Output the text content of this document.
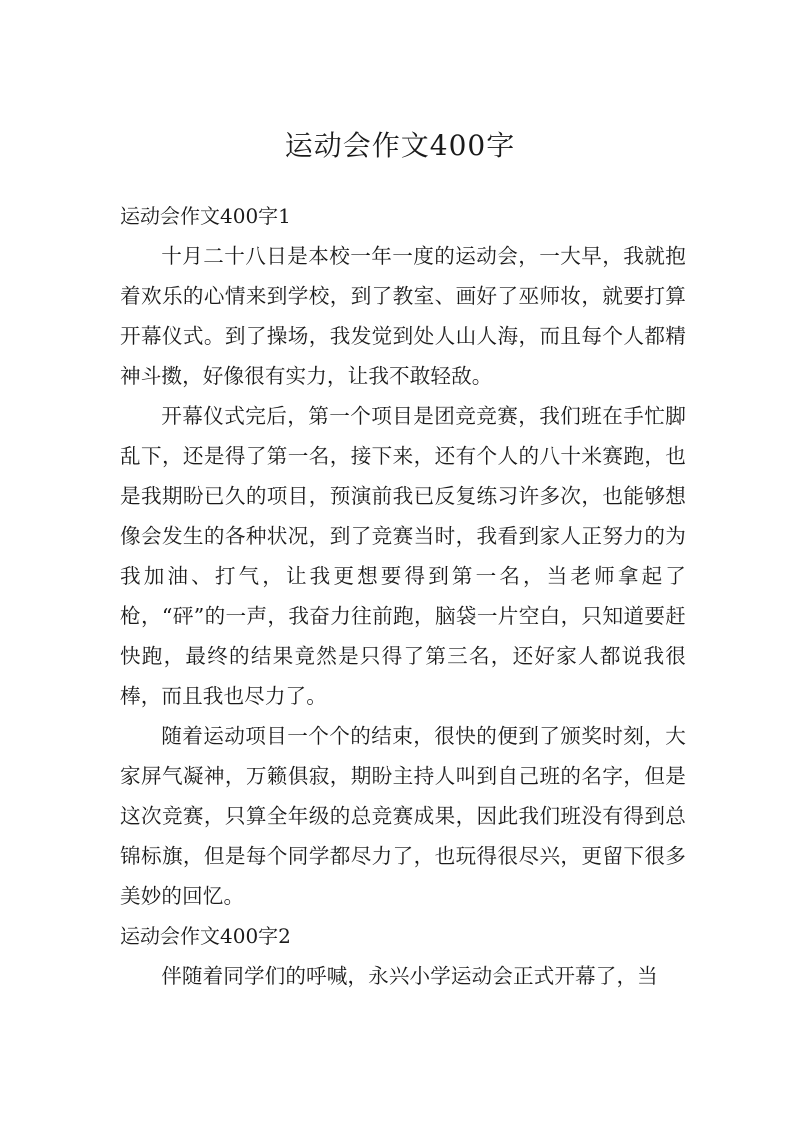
运动会作文400字
运动会作文400字1

十月二十八日是本校一年一度的运动会，一大早，我就抱着欢乐的心情来到学校，到了教室、画好了巫师妆，就要打算开幕仪式。到了操场，我发觉到处人山人海，而且每个人都精神斗擞，好像很有实力，让我不敢轻敌。

开幕仪式完后，第一个项目是团竞竞赛，我们班在手忙脚乱下，还是得了第一名，接下来，还有个人的八十米赛跑，也是我期盼已久的项目，预演前我已反复练习许多次，也能够想像会发生的各种状况，到了竞赛当时，我看到家人正努力的为我加油、打气，让我更想要得到第一名，当老师拿起了枪，“砰”的一声，我奋力往前跑，脑袋一片空白，只知道要赶快跑，最终的结果竟然是只得了第三名，还好家人都说我很棒，而且我也尽力了。

随着运动项目一个个的结束，很快的便到了颁奖时刻，大家屏气凝神，万籁俱寂，期盼主持人叫到自己班的名字，但是这次竞赛，只算全年级的总竞赛成果，因此我们班没有得到总锦标旗，但是每个同学都尽力了，也玩得很尽兴，更留下很多美妙的回忆。

运动会作文400字2

伴随着同学们的呼喊，永兴小学运动会正式开幕了，当
